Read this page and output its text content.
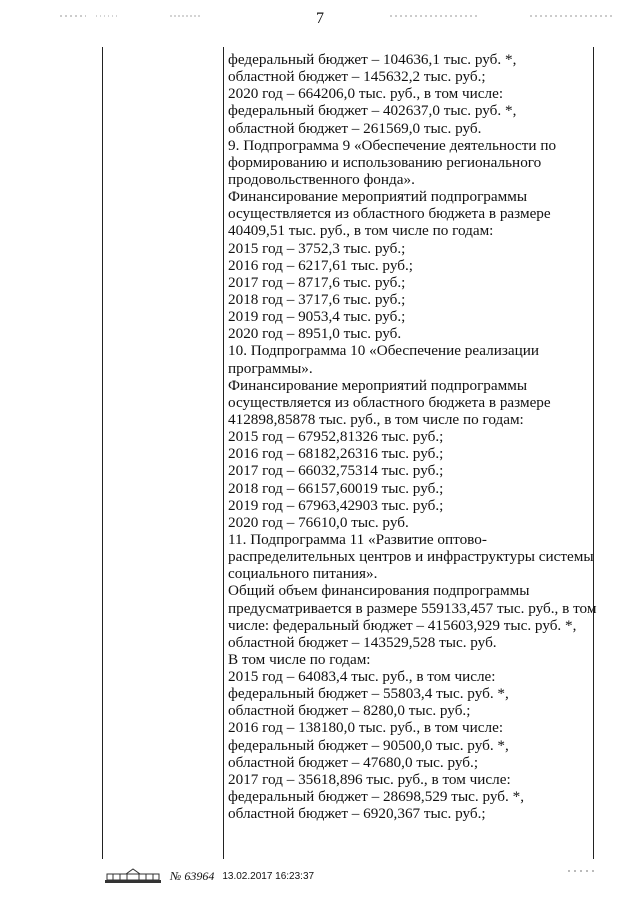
7
федеральный бюджет – 104636,1 тыс. руб. *,
областной бюджет – 145632,2 тыс. руб.;
2020 год – 664206,0 тыс. руб., в том числе:
федеральный бюджет – 402637,0 тыс. руб. *,
областной бюджет – 261569,0 тыс. руб.
9. Подпрограмма 9 «Обеспечение деятельности по
формированию и использованию регионального
продовольственного фонда».
Финансирование мероприятий подпрограммы
осуществляется из областного бюджета в размере
40409,51 тыс. руб., в том числе по годам:
2015 год – 3752,3 тыс. руб.;
2016 год – 6217,61 тыс. руб.;
2017 год – 8717,6 тыс. руб.;
2018 год – 3717,6 тыс. руб.;
2019 год – 9053,4 тыс. руб.;
2020 год – 8951,0 тыс. руб.
10. Подпрограмма 10 «Обеспечение реализации
программы».
Финансирование мероприятий подпрограммы
осуществляется из областного бюджета в размере
412898,85878 тыс. руб., в том числе по годам:
2015 год – 67952,81326 тыс. руб.;
2016 год – 68182,26316 тыс. руб.;
2017 год – 66032,75314 тыс. руб.;
2018 год – 66157,60019 тыс. руб.;
2019 год – 67963,42903 тыс. руб.;
2020 год – 76610,0 тыс. руб.
11. Подпрограмма 11 «Развитие оптово-
распределительных центров и инфраструктуры системы
социального питания».
Общий объем финансирования подпрограммы
предусматривается в размере 559133,457 тыс. руб., в том
числе: федеральный бюджет – 415603,929 тыс. руб. *,
областной бюджет – 143529,528 тыс. руб.
В том числе по годам:
2015 год – 64083,4 тыс. руб., в том числе:
федеральный бюджет – 55803,4 тыс. руб. *,
областной бюджет – 8280,0 тыс. руб.;
2016 год – 138180,0 тыс. руб., в том числе:
федеральный бюджет – 90500,0 тыс. руб. *,
областной бюджет – 47680,0 тыс. руб.;
2017 год – 35618,896 тыс. руб., в том числе:
федеральный бюджет – 28698,529 тыс. руб. *,
областной бюджет – 6920,367 тыс. руб.;
№ 63964 13.02.2017 16:23:37
